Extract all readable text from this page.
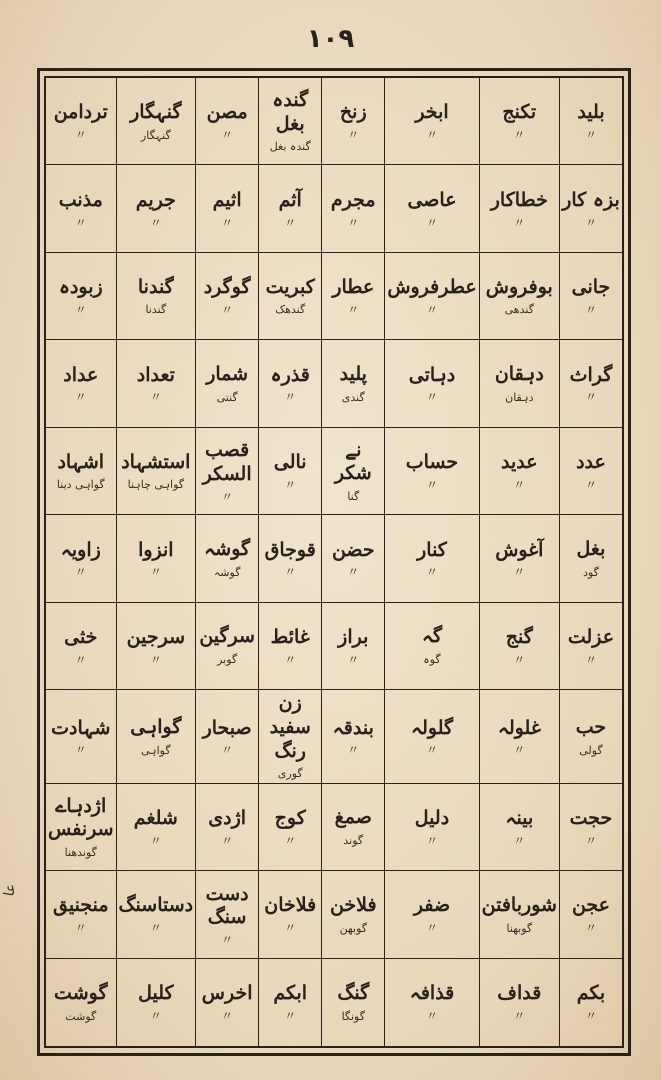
١٠٩
عا
بلید
〃
تکنج
〃
ابخر
〃
زنخ
〃
گندہ بغل
گندہ بغل
مصن
〃
گنہگار
گنہگار
تردامن
〃
بزہ کار
〃
خطاکار
〃
عاصی
〃
مجرم
〃
آثم
〃
اثیم
〃
جریم
〃
مذنب
〃
جانی
〃
بوفروش
گندھی
عطرفروش
〃
عطار
〃
کبریت
گندھک
گوگرد
〃
گندنا
گندنا
زبودہ
〃
گراث
〃
دہقان
دہقان
دہاتی
〃
پلید
گندی
قذرہ
〃
شمار
گنتی
تعداد
〃
عداد
〃
عدد
〃
عدید
〃
حساب
〃
نے شکر
گنا
نالی
〃
قصب السکر
〃
استشہاد
گواہی چاہنا
اشہاد
گواہی دینا
بغل
گود
آغوش
〃
کنار
〃
حضن
〃
قوجاق
〃
گوشہ
گوشہ
انزوا
〃
زاویہ
〃
عزلت
〃
گنج
〃
گہ
گوہ
براز
〃
غائط
〃
سرگین
گوبر
سرجین
〃
خثی
〃
حب
گولی
غلولہ
〃
گلولہ
〃
بندقہ
〃
زن سفید رنگ
گوری
صبحار
〃
گواہی
گواہی
شہادت
〃
حجت
〃
بینہ
〃
دلیل
〃
صمغ
گوند
کوج
〃
اژدی
〃
شلغم
〃
اژدہاے سرنفس
گوندھنا
عجن
〃
شوربافتن
گوبھنا
ضفر
〃
فلاخن
گوبھن
فلاخان
〃
دست سنگ
〃
دستاسنگ
〃
منجنیق
〃
بکم
〃
قداف
〃
قذافہ
〃
گنگ
گونگا
ابکم
〃
اخرس
〃
کلیل
〃
گوشت
گوشت
